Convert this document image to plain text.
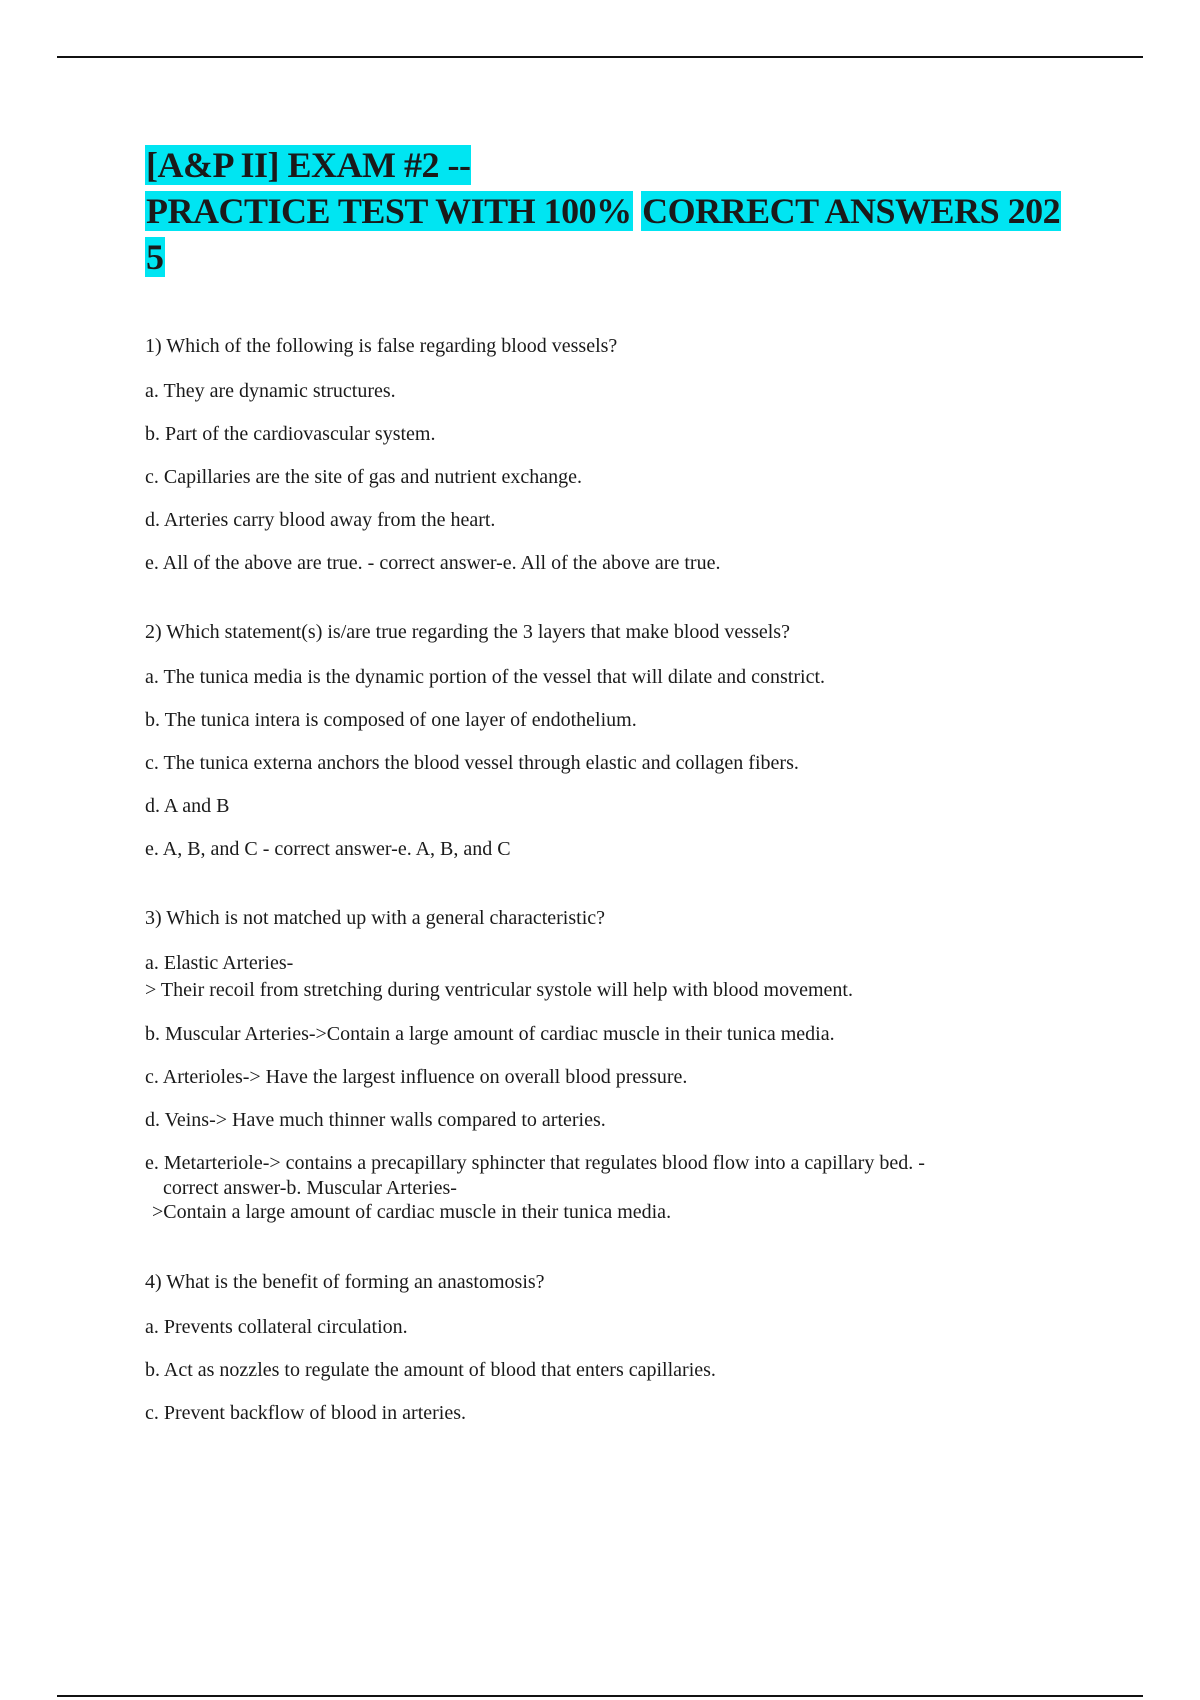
[A&P II] EXAM #2 --
PRACTICE TEST WITH 100% CORRECT ANSWERS 202
5

1) Which of the following is false regarding blood vessels?

a. They are dynamic structures.

b. Part of the cardiovascular system.

c. Capillaries are the site of gas and nutrient exchange.

d. Arteries carry blood away from the heart.

e. All of the above are true. - correct answer-e. All of the above are true.

2) Which statement(s) is/are true regarding the 3 layers that make blood vessels?

a. The tunica media is the dynamic portion of the vessel that will dilate and constrict.

b. The tunica intera is composed of one layer of endothelium.

c. The tunica externa anchors the blood vessel through elastic and collagen fibers.

d. A and B

e. A, B, and C - correct answer-e. A, B, and C

3) Which is not matched up with a general characteristic?

a. Elastic Arteries-
> Their recoil from stretching during ventricular systole will help with blood movement.

b. Muscular Arteries->Contain a large amount of cardiac muscle in their tunica media.

c. Arterioles-> Have the largest influence on overall blood pressure.

d. Veins-> Have much thinner walls compared to arteries.

e. Metarteriole-> contains a precapillary sphincter that regulates blood flow into a capillary bed. -
correct answer-b. Muscular Arteries-
>Contain a large amount of cardiac muscle in their tunica media.

4) What is the benefit of forming an anastomosis?

a. Prevents collateral circulation.

b. Act as nozzles to regulate the amount of blood that enters capillaries.

c. Prevent backflow of blood in arteries.
